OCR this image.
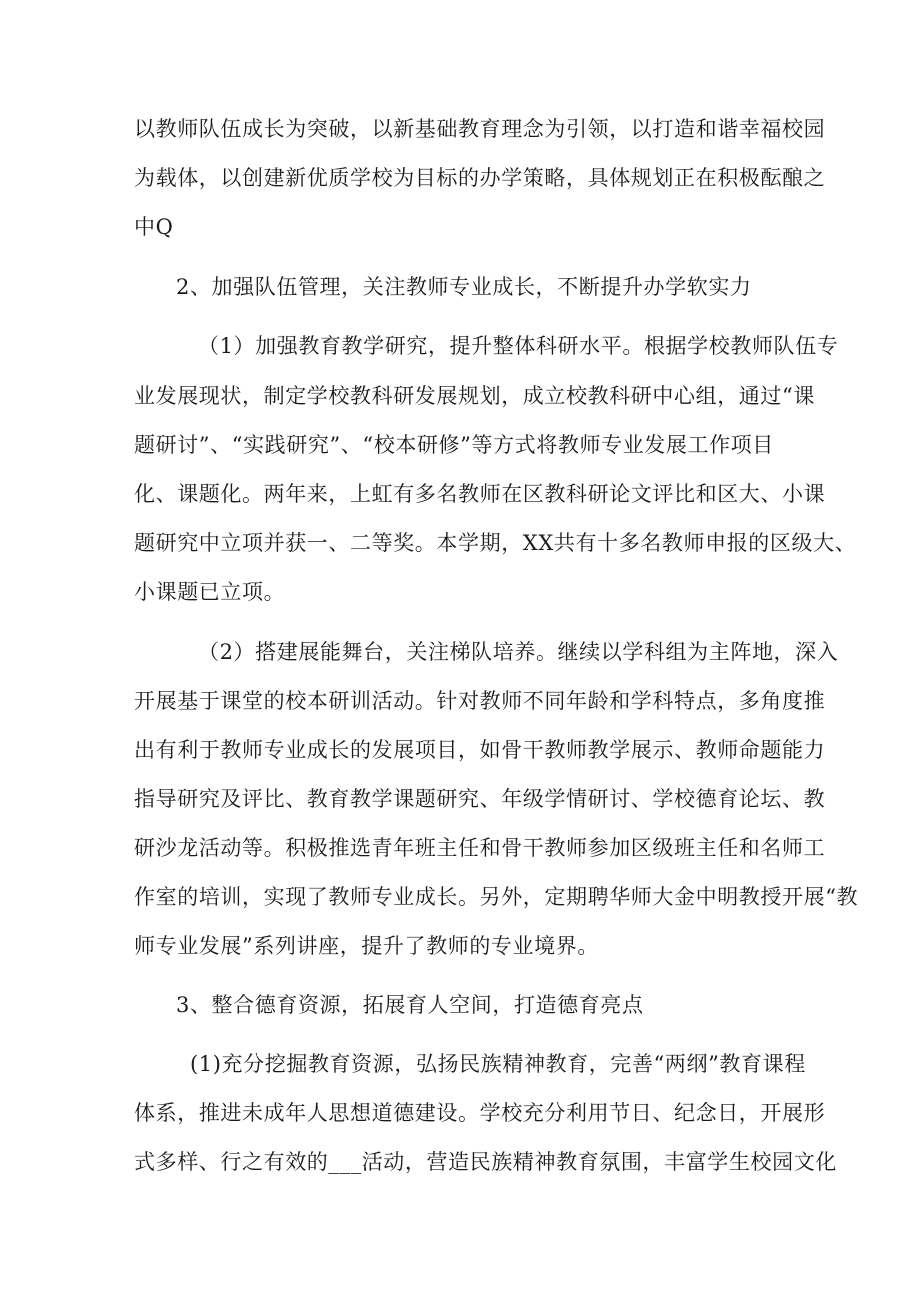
以教师队伍成长为突破，以新基础教育理念为引领，以打造和谐幸福校园

为载体，以创建新优质学校为目标的办学策略，具体规划正在积极酝酿之

中Q

2、加强队伍管理，关注教师专业成长，不断提升办学软实力

（1）加强教育教学研究，提升整体科研水平。根据学校教师队伍专

业发展现状，制定学校教科研发展规划，成立校教科研中心组，通过“课

题研讨”、“实践研究”、“校本研修”等方式将教师专业发展工作项目

化、课题化。两年来，上虹有多名教师在区教科研论文评比和区大、小课

题研究中立项并获一、二等奖。本学期，XX共有十多名教师申报的区级大、

小课题已立项。

（2）搭建展能舞台，关注梯队培养。继续以学科组为主阵地，深入

开展基于课堂的校本研训活动。针对教师不同年龄和学科特点，多角度推

出有利于教师专业成长的发展项目，如骨干教师教学展示、教师命题能力

指导研究及评比、教育教学课题研究、年级学情研讨、学校德育论坛、教

研沙龙活动等。积极推选青年班主任和骨干教师参加区级班主任和名师工

作室的培训，实现了教师专业成长。另外，定期聘华师大金中明教授开展“教

师专业发展”系列讲座，提升了教师的专业境界。

3、整合德育资源，拓展育人空间，打造德育亮点

(1)充分挖掘教育资源，弘扬民族精神教育，完善“两纲”教育课程

体系，推进未成年人思想道德建设。学校充分利用节日、纪念日，开展形

式多样、行之有效的___活动，营造民族精神教育氛围，丰富学生校园文化
